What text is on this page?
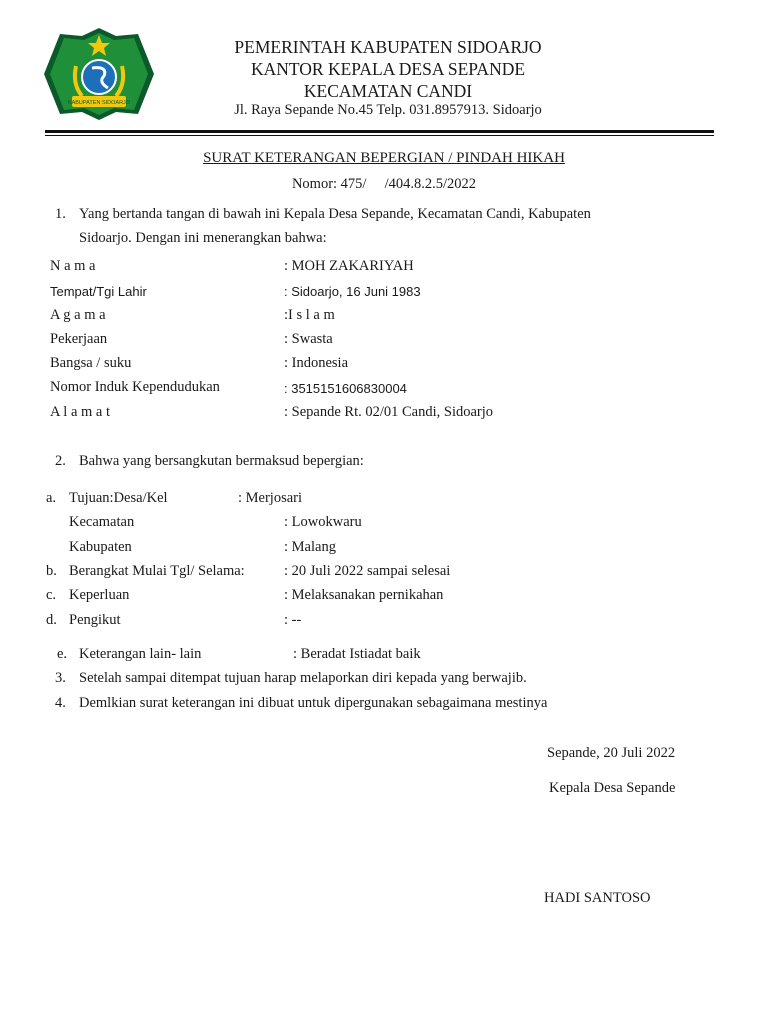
KABUPATEN SIDOARJO
PEMERINTAH KABUPATEN SIDOARJO
KANTOR KEPALA DESA SEPANDE
KECAMATAN CANDI
Jl. Raya Sepande No.45 Telp. 031.8957913. Sidoarjo
SURAT KETERANGAN BEPERGIAN / PINDAH HIKAH
Nomor: 475/     /404.8.2.5/2022
1. Yang bertanda tangan di bawah ini Kepala Desa Sepande, Kecamatan Candi, Kabupaten
Sidoarjo. Dengan ini menerangkan bahwa:
N a m a	: MOH ZAKARIYAH
Tempat/Tgi Lahir	: Sidoarjo, 16 Juni 1983
A g a m a	:I s l a m
Pekerjaan	: Swasta
Bangsa / suku	: Indonesia
Nomor Induk Kependudukan	: 3515151606830004
A l a m a t	: Sepande Rt. 02/01 Candi, Sidoarjo
2. Bahwa yang bersangkutan bermaksud bepergian:
a. Tujuan:Desa/Kel	: Merjosari
Kecamatan	: Lowokwaru
Kabupaten	: Malang
b. Berangkat Mulai Tgl/ Selama:	: 20 Juli 2022 sampai selesai
c. Keperluan	: Melaksanakan pernikahan
d. Pengikut	: --
e. Keterangan lain- lain	: Beradat Istiadat baik
3. Setelah sampai ditempat tujuan harap melaporkan diri kepada yang berwajib.
4. Demlkian surat keterangan ini dibuat untuk dipergunakan sebagaimana mestinya
Sepande, 20 Juli 2022
Kepala Desa Sepande
HADI SANTOSO
